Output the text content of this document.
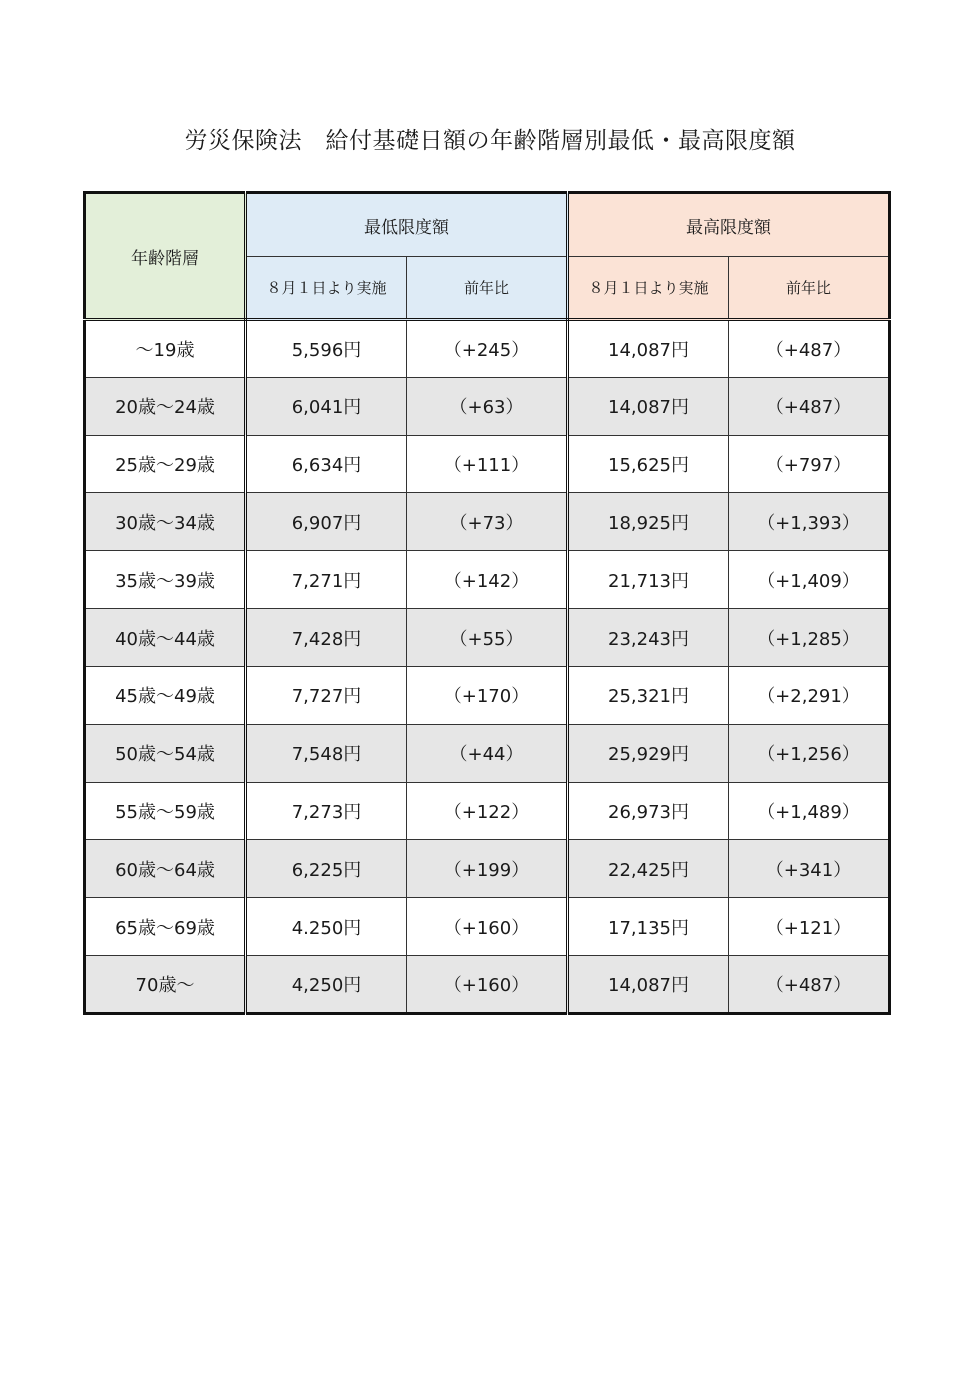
労災保険法　給付基礎日額の年齢階層別最低・最高限度額
年齢階層	最低限度額		最高限度額	
	８月１日より実施	前年比	８月１日より実施	前年比
～19歳	5,596円	（+245）	14,087円	（+487）
20歳～24歳	6,041円	（+63）	14,087円	（+487）
25歳～29歳	6,634円	（+111）	15,625円	（+797）
30歳～34歳	6,907円	（+73）	18,925円	（+1,393）
35歳～39歳	7,271円	（+142）	21,713円	（+1,409）
40歳～44歳	7,428円	（+55）	23,243円	（+1,285）
45歳～49歳	7,727円	（+170）	25,321円	（+2,291）
50歳～54歳	7,548円	（+44）	25,929円	（+1,256）
55歳～59歳	7,273円	（+122）	26,973円	（+1,489）
60歳～64歳	6,225円	（+199）	22,425円	（+341）
65歳～69歳	4.250円	（+160）	17,135円	（+121）
70歳～	4,250円	（+160）	14,087円	（+487）
